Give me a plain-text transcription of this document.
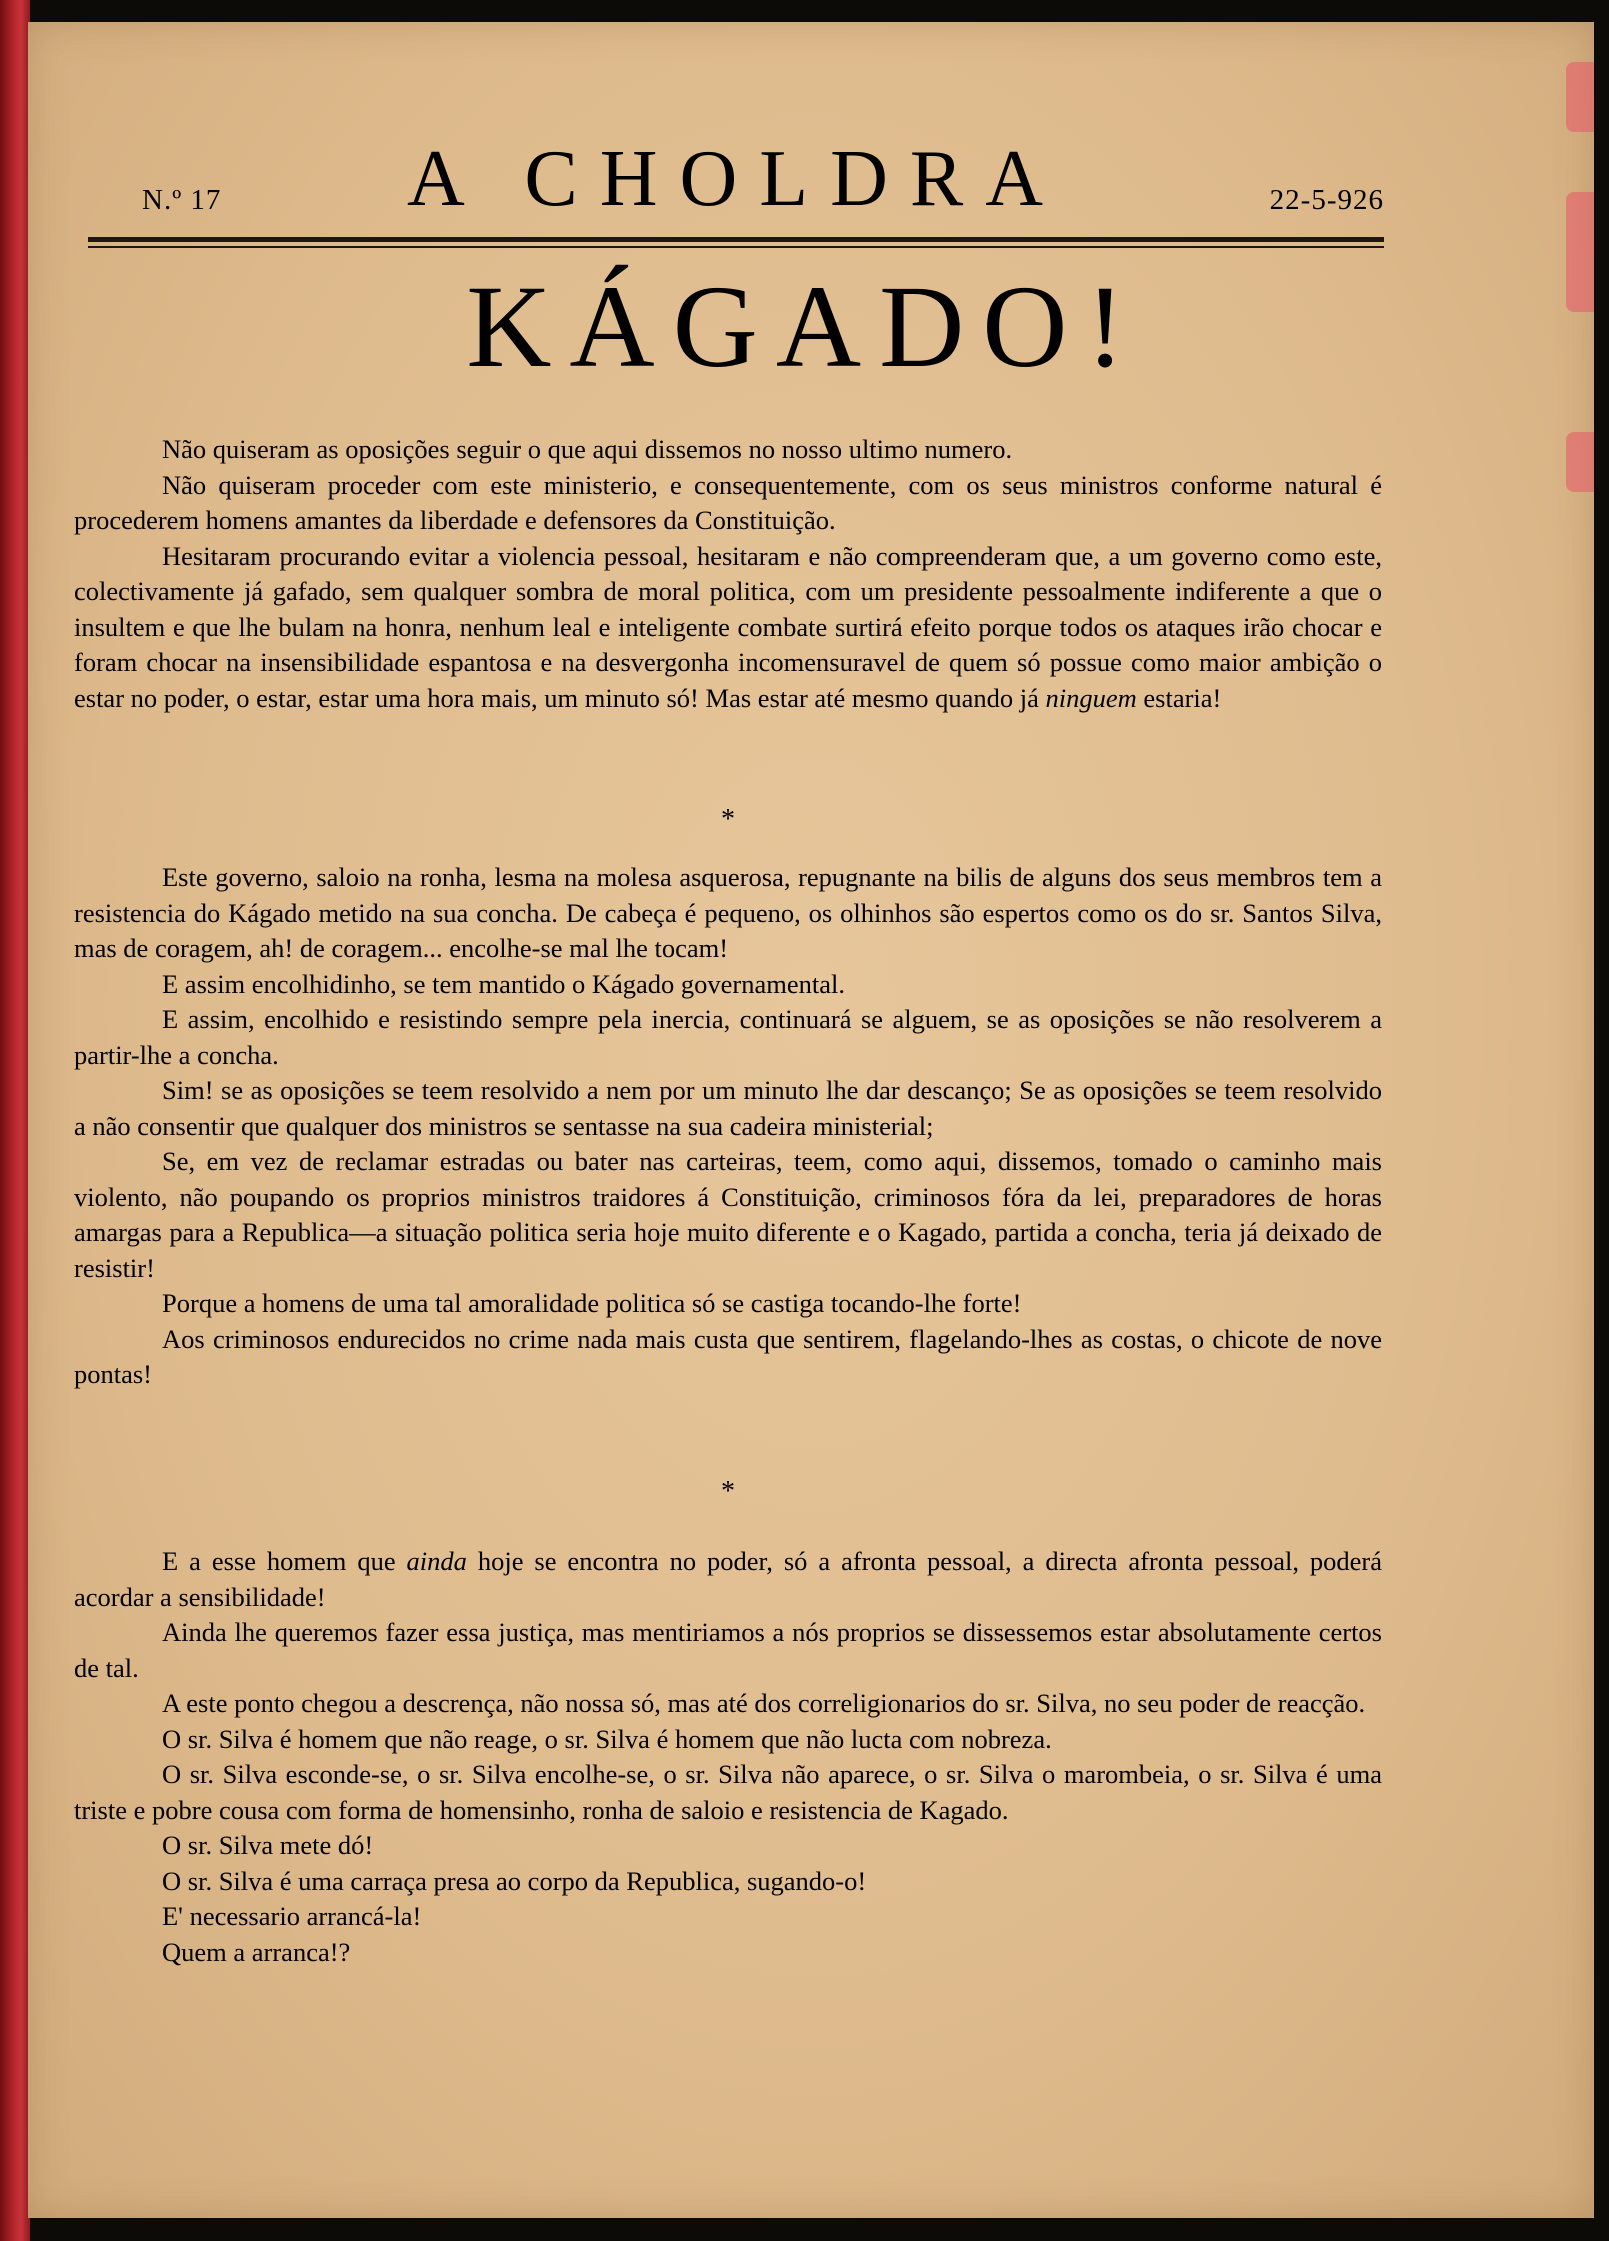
N.º 17	A CHOLDRA	22-5-926
KÁGADO!

Não quiseram as oposições seguir o que aqui dissemos no nosso ultimo numero.

Não quiseram proceder com este ministerio, e consequentemente, com os seus ministros conforme natural é procederem homens amantes da liberdade e defensores da Constituição.

Hesitaram procurando evitar a violencia pessoal, hesitaram e não compreenderam que, a um governo como este, colectivamente já gafado, sem qualquer sombra de moral politica, com um presidente pessoalmente indiferente a que o insultem e que lhe bulam na honra, nenhum leal e inteligente combate surtirá efeito porque todos os ataques irão chocar e foram chocar na insensibilidade espantosa e na desvergonha incomensuravel de quem só possue como maior ambição o estar no poder, o estar, estar uma hora mais, um minuto só! Mas estar até mesmo quando já ninguem estaria!

*

Este governo, saloio na ronha, lesma na molesa asquerosa, repugnante na bilis de alguns dos seus membros tem a resistencia do Kágado metido na sua concha. De cabeça é pequeno, os olhinhos são espertos como os do sr. Santos Silva, mas de coragem, ah! de coragem... encolhe-se mal lhe tocam!

E assim encolhidinho, se tem mantido o Kágado governamental.

E assim, encolhido e resistindo sempre pela inercia, continuará se alguem, se as oposições se não resolverem a partir-lhe a concha.

Sim! se as oposições se teem resolvido a nem por um minuto lhe dar descanço; Se as oposições se teem resolvido a não consentir que qualquer dos ministros se sentasse na sua cadeira ministerial;

Se, em vez de reclamar estradas ou bater nas carteiras, teem, como aqui, dissemos, tomado o caminho mais violento, não poupando os proprios ministros traidores á Constituição, criminosos fóra da lei, preparadores de horas amargas para a Republica—a situação politica seria hoje muito diferente e o Kagado, partida a concha, teria já deixado de resistir!

Porque a homens de uma tal amoralidade politica só se castiga tocando-lhe forte!

Aos criminosos endurecidos no crime nada mais custa que sentirem, flagelando-lhes as costas, o chicote de nove pontas!

*

E a esse homem que ainda hoje se encontra no poder, só a afronta pessoal, a directa afronta pessoal, poderá acordar a sensibilidade!

Ainda lhe queremos fazer essa justiça, mas mentiriamos a nós proprios se dissessemos estar absolutamente certos de tal.

A este ponto chegou a descrença, não nossa só, mas até dos correligionarios do sr. Silva, no seu poder de reacção.

O sr. Silva é homem que não reage, o sr. Silva é homem que não lucta com nobreza.

O sr. Silva esconde-se, o sr. Silva encolhe-se, o sr. Silva não aparece, o sr. Silva o marombeia, o sr. Silva é uma triste e pobre cousa com forma de homensinho, ronha de saloio e resistencia de Kagado.

O sr. Silva mete dó!

O sr. Silva é uma carraça presa ao corpo da Republica, sugando-o!

E' necessario arrancá-la!

Quem a arranca!?
